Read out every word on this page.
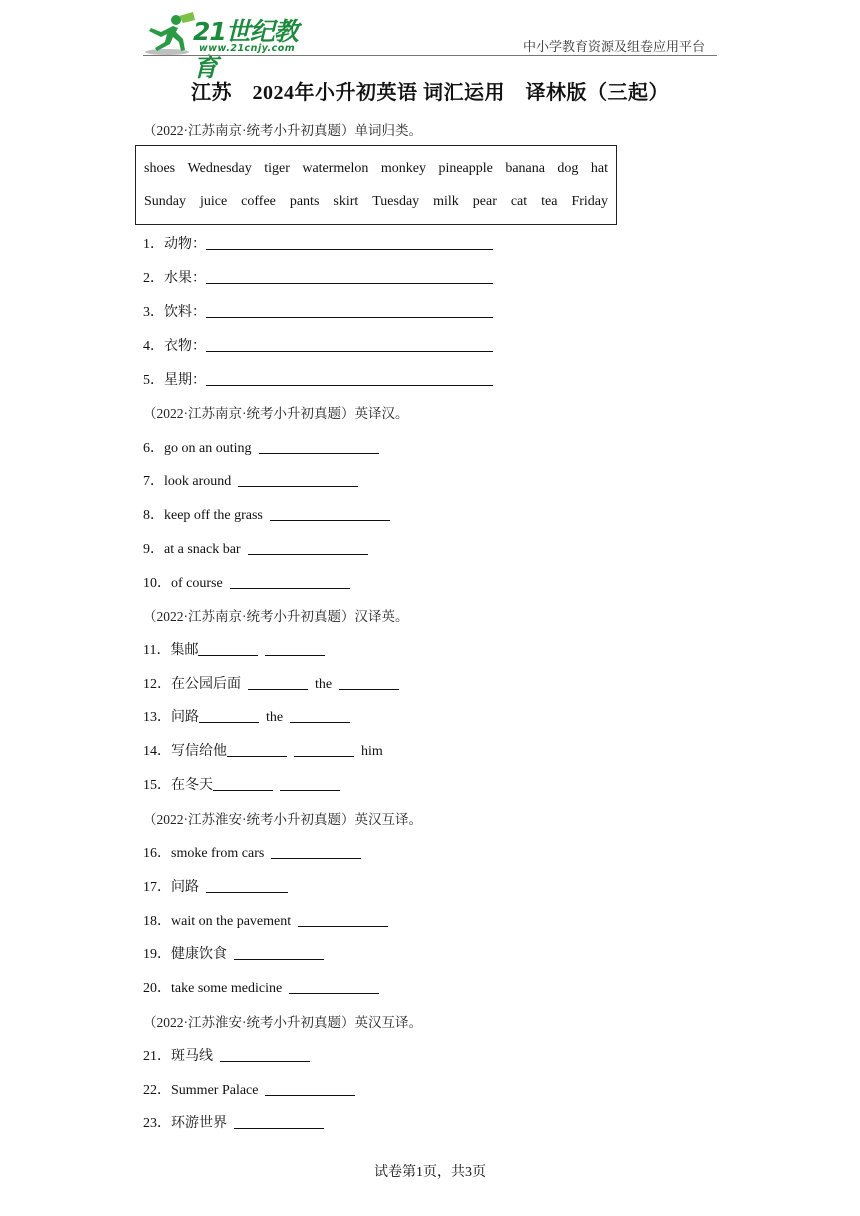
21世纪教育
www.21cnjy.com	中小学教育资源及组卷应用平台
江苏　2024年小升初英语 词汇运用　译林版（三起）
（2022·江苏南京·统考小升初真题）单词归类。
shoes Wednesday tiger watermelon monkey pineapple banana dog hat
Sunday juice coffee pants skirt Tuesday milk pear cat tea Friday
1．动物：
2．水果：
3．饮料：
4．衣物：
5．星期：
（2022·江苏南京·统考小升初真题）英译汉。
6．go on an outing
7．look around
8．keep off the grass
9．at a snack bar
10．of course
（2022·江苏南京·统考小升初真题）汉译英。
11．集邮
12．在公园后面	the
13．问路	the
14．写信给他	him
15．在冬天
（2022·江苏淮安·统考小升初真题）英汉互译。
16．smoke from cars
17．问路
18．wait on the pavement
19．健康饮食
20．take some medicine
（2022·江苏淮安·统考小升初真题）英汉互译。
21．斑马线
22．Summer Palace
23．环游世界
试卷第1页，共3页
